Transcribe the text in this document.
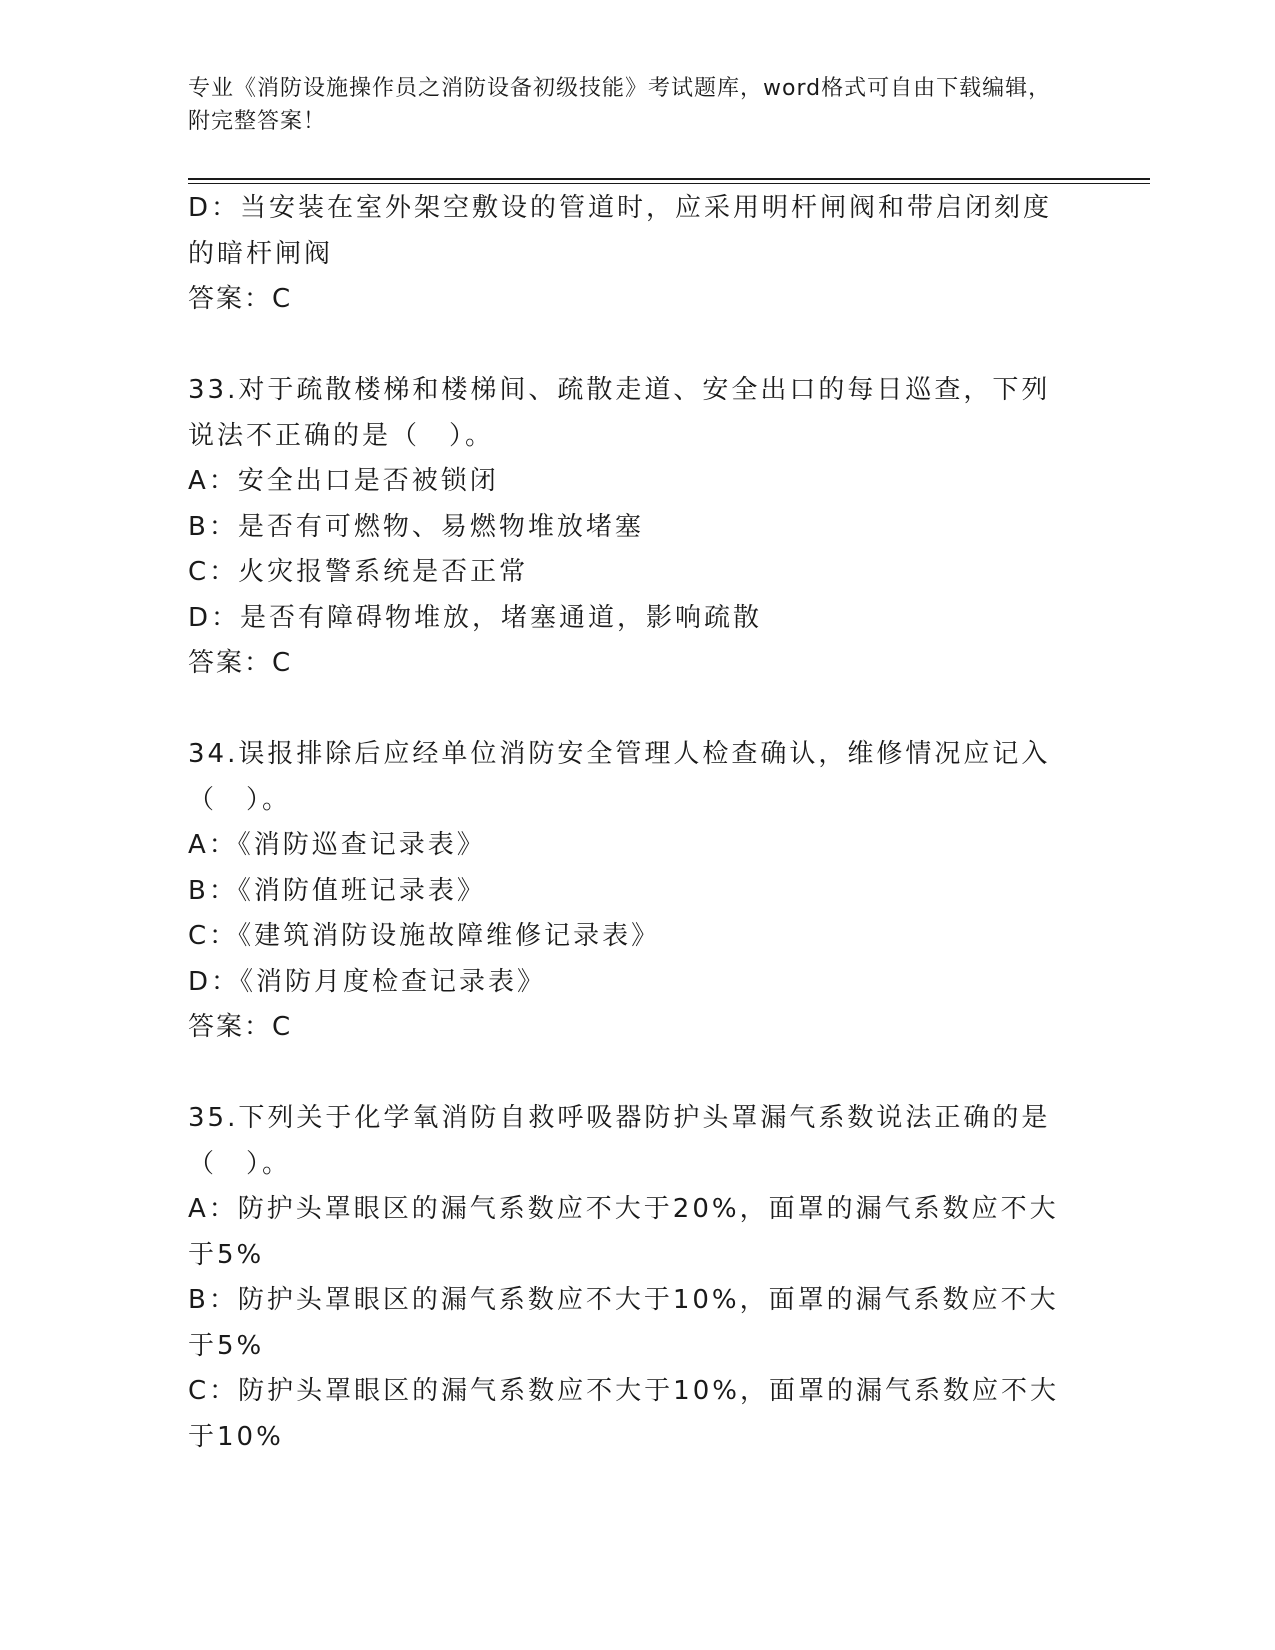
专业《消防设施操作员之消防设备初级技能》考试题库，word格式可自由下载编辑，附完整答案！
D：当安装在室外架空敷设的管道时，应采用明杆闸阀和带启闭刻度的暗杆闸阀
答案：C
33.对于疏散楼梯和楼梯间、疏散走道、安全出口的每日巡查，下列说法不正确的是（　）。
A：安全出口是否被锁闭
B：是否有可燃物、易燃物堆放堵塞
C：火灾报警系统是否正常
D：是否有障碍物堆放，堵塞通道，影响疏散
答案：C
34.误报排除后应经单位消防安全管理人检查确认，维修情况应记入（　）。
A：《消防巡查记录表》
B：《消防值班记录表》
C：《建筑消防设施故障维修记录表》
D：《消防月度检查记录表》
答案：C
35.下列关于化学氧消防自救呼吸器防护头罩漏气系数说法正确的是（　）。
A：防护头罩眼区的漏气系数应不大于20%，面罩的漏气系数应不大于5%
B：防护头罩眼区的漏气系数应不大于10%，面罩的漏气系数应不大于5%
C：防护头罩眼区的漏气系数应不大于10%，面罩的漏气系数应不大于10%
